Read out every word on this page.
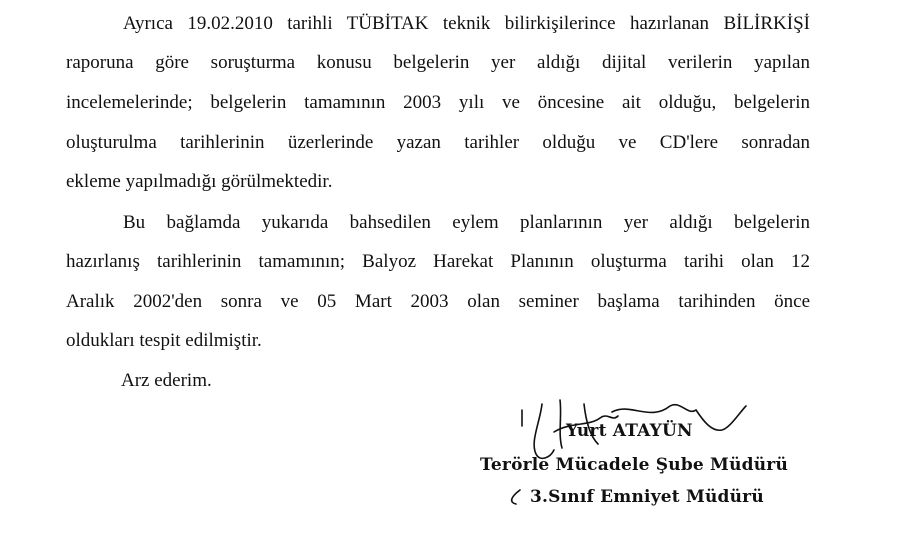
Ayrıca 19.02.2010 tarihli TÜBİTAK teknik bilirkişilerince hazırlanan BİLİRKİŞİ
raporuna göre soruşturma konusu belgelerin yer aldığı dijital verilerin yapılan
incelemelerinde; belgelerin tamamının 2003 yılı ve öncesine ait olduğu, belgelerin
oluşturulma tarihlerinin üzerlerinde yazan tarihler olduğu ve CD'lere sonradan
ekleme yapılmadığı görülmektedir.
Bu bağlamda yukarıda bahsedilen eylem planlarının yer aldığı belgelerin
hazırlanış tarihlerinin tamamının; Balyoz Harekat Planının oluşturma tarihi olan 12
Aralık 2002'den sonra ve 05 Mart 2003 olan seminer başlama tarihinden önce
oldukları tespit edilmiştir.
Arz ederim.
Yurt ATAYÜN
Terörle Mücadele Şube Müdürü
3.Sınıf Emniyet Müdürü
